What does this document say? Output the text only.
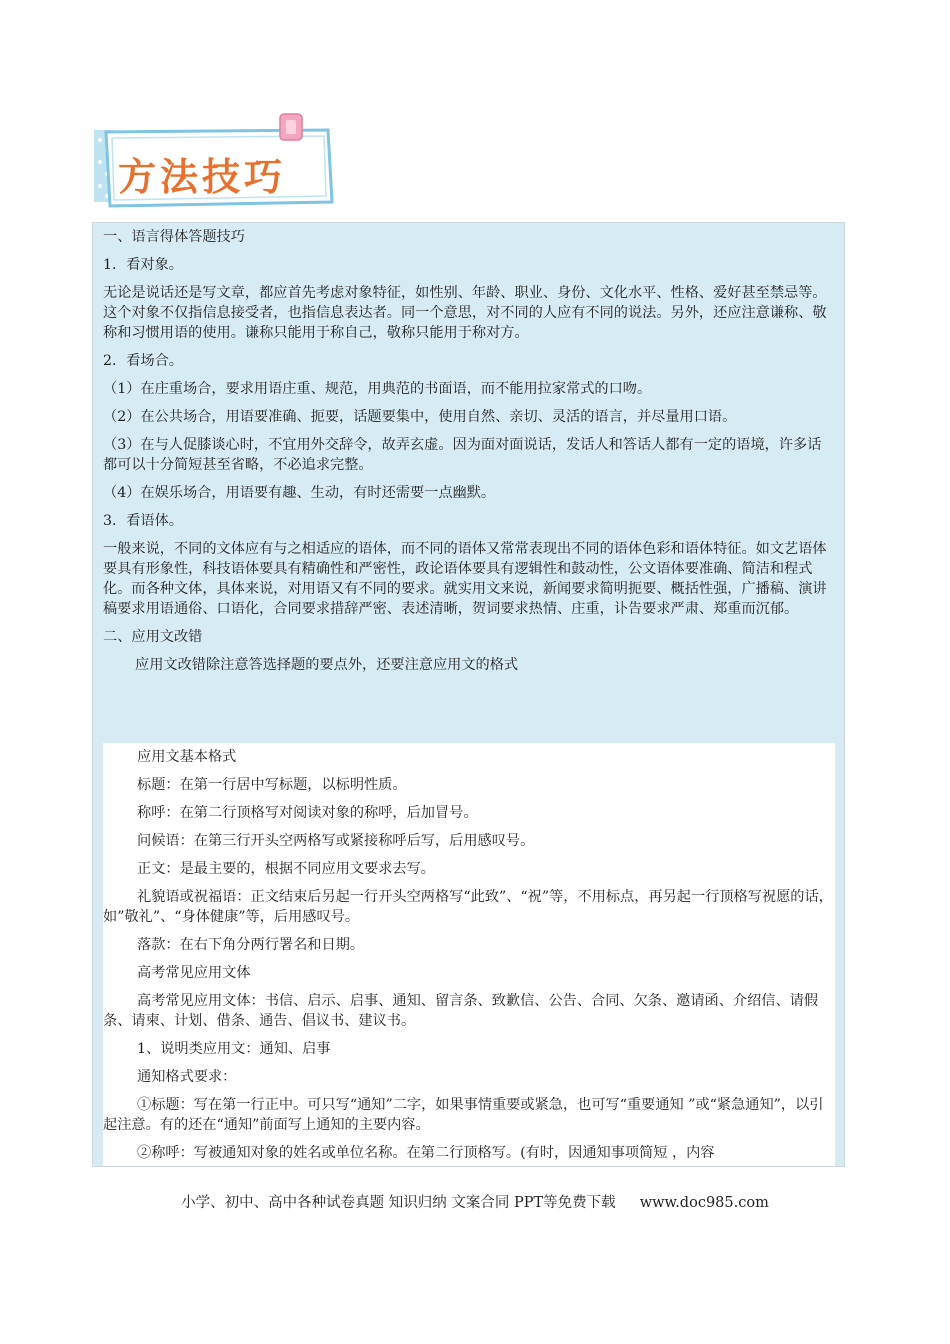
方法技巧

一、语言得体答题技巧

1．看对象。

无论是说话还是写文章，都应首先考虑对象特征，如性别、年龄、职业、身份、文化水平、性格、爱好甚至禁忌等。这个对象不仅指信息接受者，也指信息表达者。同一个意思，对不同的人应有不同的说法。另外，还应注意谦称、敬称和习惯用语的使用。谦称只能用于称自己，敬称只能用于称对方。

2．看场合。

（1）在庄重场合，要求用语庄重、规范，用典范的书面语，而不能用拉家常式的口吻。

（2）在公共场合，用语要准确、扼要，话题要集中，使用自然、亲切、灵活的语言，并尽量用口语。

（3）在与人促膝谈心时，不宜用外交辞令，故弄玄虚。因为面对面说话，发话人和答话人都有一定的语境，许多话都可以十分简短甚至省略，不必追求完整。

（4）在娱乐场合，用语要有趣、生动，有时还需要一点幽默。

3．看语体。

一般来说，不同的文体应有与之相适应的语体，而不同的语体又常常表现出不同的语体色彩和语体特征。如文艺语体要具有形象性，科技语体要具有精确性和严密性，政论语体要具有逻辑性和鼓动性，公文语体要准确、简洁和程式化。而各种文体，具体来说，对用语又有不同的要求。就实用文来说，新闻要求简明扼要、概括性强，广播稿、演讲稿要求用语通俗、口语化，合同要求措辞严密、表述清晰，贺词要求热情、庄重，讣告要求严肃、郑重而沉郁。

二、应用文改错

应用文改错除注意答选择题的要点外，还要注意应用文的格式

应用文基本格式

标题：在第一行居中写标题，以标明性质。

称呼：在第二行顶格写对阅读对象的称呼，后加冒号。

问候语：在第三行开头空两格写或紧接称呼后写，后用感叹号。

正文：是最主要的，根据不同应用文要求去写。

礼貌语或祝福语：正文结束后另起一行开头空两格写“此致”、“祝”等，不用标点，再另起一行顶格写祝愿的话，如”敬礼”、“身体健康”等，后用感叹号。

落款：在右下角分两行署名和日期。

高考常见应用文体

高考常见应用文体：书信、启示、启事、通知、留言条、致歉信、公告、合同、欠条、邀请函、介绍信、请假条、请柬、计划、借条、通告、倡议书、建议书。

1、说明类应用文：通知、启事

通知格式要求：

①标题：写在第一行正中。可只写“通知”二字，如果事情重要或紧急，也可写“重要通知 ”或“紧急通知”，以引起注意。有的还在“通知”前面写上通知的主要内容。

②称呼：写被通知对象的姓名或单位名称。在第二行顶格写。(有时，因通知事项简短 ，内容

小学、初中、高中各种试卷真题 知识归纳 文案合同 PPT等免费下载 www.doc985.com
